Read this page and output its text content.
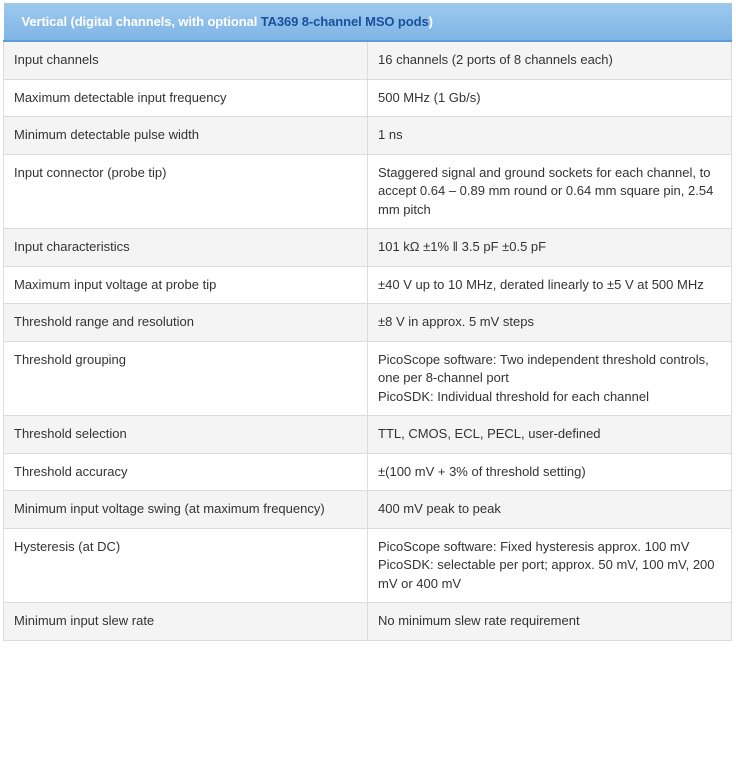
Vertical (digital channels, with optional TA369 8-channel MSO pods)	
Input channels	16 channels (2 ports of 8 channels each)

Maximum detectable input frequency	500 MHz (1 Gb/s)

Minimum detectable pulse width	1 ns

Input connector (probe tip)	Staggered signal and ground sockets for each channel, to accept 0.64 – 0.89 mm round or 0.64 mm square pin, 2.54 mm pitch

Input characteristics	101 kΩ ±1% ǁ 3.5 pF ±0.5 pF

Maximum input voltage at probe tip	±40 V up to 10 MHz, derated linearly to ±5 V at 500 MHz

Threshold range and resolution	±8 V in approx. 5 mV steps

Threshold grouping	PicoScope software: Two independent threshold controls, one per 8-channel port
PicoSDK: Individual threshold for each channel

Threshold selection	TTL, CMOS, ECL, PECL, user-defined

Threshold accuracy	±(100 mV + 3% of threshold setting)

Minimum input voltage swing (at maximum frequency)	400 mV peak to peak

Hysteresis (at DC)	PicoScope software: Fixed hysteresis approx. 100 mV
PicoSDK: selectable per port; approx. 50 mV, 100 mV, 200 mV or 400 mV

Minimum input slew rate	No minimum slew rate requirement
